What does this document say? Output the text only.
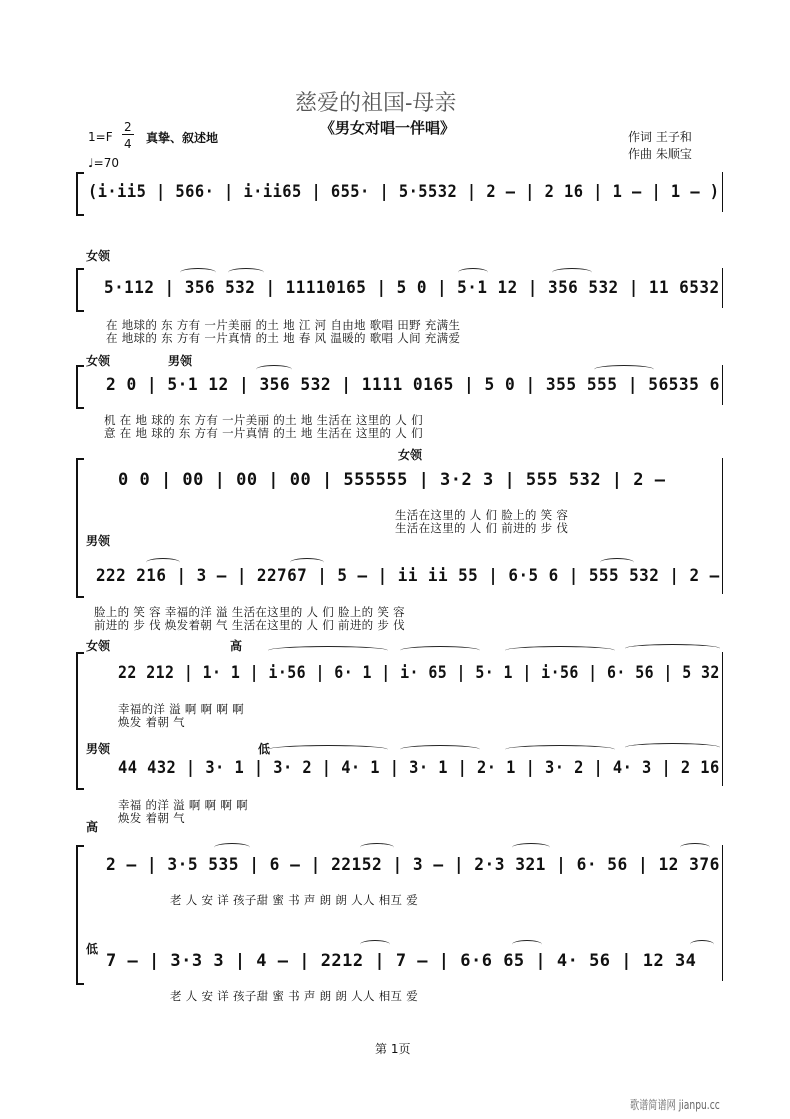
慈爱的祖国-母亲
《男女对唱一伴唱》
1=F
2
4 真挚、叙述地
♩=70
作词 王子和
作曲 朱顺宝
(i·ii5 | 566· | i·ii65 | 655· | 5·5532 | 2 – | 2 16 | 1 – | 1 – )
女领
5·112 | 356 532 | 11110165 | 5 0 | 5·1 12 | 356 532 | 11 6532
在 地球的 东 方有 一片美丽 的土 地 江 河 自由地 歌唱 田野 充满生
在 地球的 东 方有 一片真情 的土 地 春 风 温暖的 歌唱 人间 充满爱
女领	男领
2 0 | 5·1 12 | 356 532 | 1111 0165 | 5 0 | 355 555 | 56535 6
机 在 地 球的 东 方有 一片美丽 的土 地 生活在 这里的 人 们
意 在 地 球的 东 方有 一片真情 的土 地 生活在 这里的 人 们
女领
0 0 | 00 | 00 | 00 | 555555 | 3·2 3 | 555 532 | 2 –
生活在这里的 人 们 脸上的 笑 容
生活在这里的 人 们 前进的 步 伐
男领
222 216 | 3 – | 22767 | 5 – | ii ii 55 | 6·5 6 | 555 532 | 2 –
脸上的 笑 容 幸福的洋 溢 生活在这里的 人 们 脸上的 笑 容
前进的 步 伐 焕发着朝 气 生活在这里的 人 们 前进的 步 伐
女领	高
22 212 | 1· 1 | i·56 | 6· 1 | i· 65 | 5· 1 | i·56 | 6· 56 | 5 32
幸福的洋 溢 啊 啊 啊 啊
焕发 着朝 气
男领	低
44 432 | 3· 1 | 3· 2 | 4· 1 | 3· 1 | 2· 1 | 3· 2 | 4· 3 | 2 16
幸福 的洋 溢 啊 啊 啊 啊
焕发 着朝 气
高
2 – | 3·5 535 | 6 – | 22152 | 3 – | 2·3 321 | 6· 56 | 12 376
老 人 安 详 孩子甜 蜜 书 声 朗 朗 人人 相互 爱
低
7 – | 3·3 3 | 4 – | 2212 | 7 – | 6·6 65 | 4· 56 | 12 34
老 人 安 详 孩子甜 蜜 书 声 朗 朗 人人 相互 爱
第 1页
歌谱简谱网 jianpu.cc
